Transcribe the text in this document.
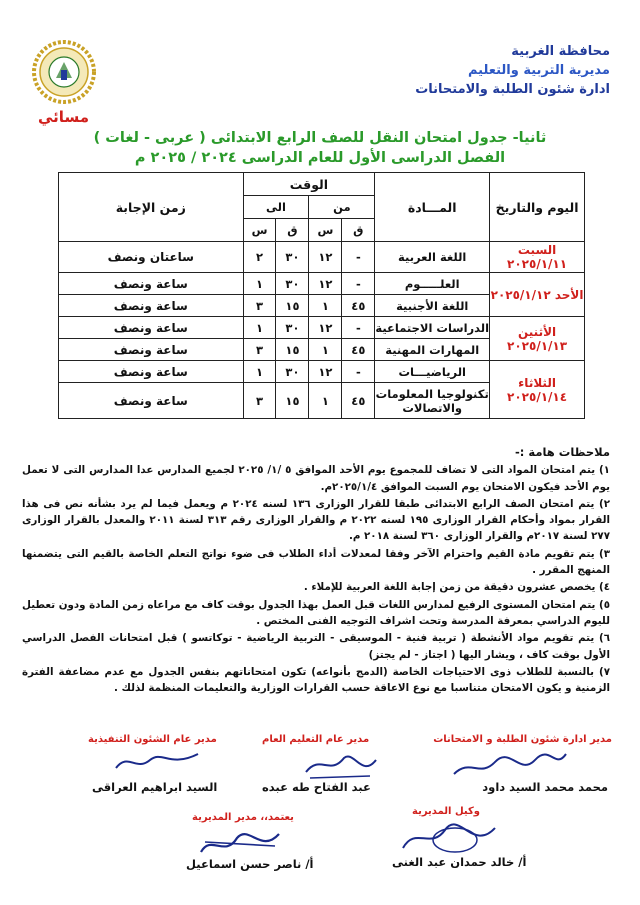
محافظة الغربية
مديرية التربية والتعليم
ادارة شئون الطلبة والامتحانات
مسائي
ثانيا- جدول امتحان النقل للصف الرابع الابتدائى ( عربى - لغات )
الفصل الدراسى الأول للعام الدراسى ٢٠٢٤ / ٢٠٢٥ م
اليوم والتاريخ	المـــادة	الوقت				زمن الإجابة
		من		الى		
		ق	س	ق	س	
السبت ٢٠٢٥/١/١١	اللغة العربية	-	١٢	٣٠	٢	ساعتان ونصف
الأحد ٢٠٢٥/١/١٢	العلـــــوم	-	١٢	٣٠	١	ساعة ونصف
	اللغة الأجنبية	٤٥	١	١٥	٣	ساعة ونصف
الأثنين ٢٠٢٥/١/١٣	الدراسات الاجتماعية	-	١٢	٣٠	١	ساعة ونصف
	المهارات المهنية	٤٥	١	١٥	٣	ساعة ونصف
الثلاثاء ٢٠٢٥/١/١٤	الرياضيـــات	-	١٢	٣٠	١	ساعة ونصف
	تكنولوجيا المعلومات والاتصالات	٤٥	١	١٥	٣	ساعة ونصف
ملاحظات هامة :-

١) يتم امتحان المواد التى لا تضاف للمجموع يوم الأحد الموافق ٥ /١/ ٢٠٢٥ لجميع المدارس عدا المدارس التى لا تعمل يوم الأحد فيكون الامتحان يوم السبت الموافق ٢٠٢٥/١/٤م.

٢) يتم امتحان الصف الرابع الابتدائى طبقا للقرار الوزارى ١٣٦ لسنه ٢٠٢٤ م ويعمل فيما لم يرد بشأنه نص فى هذا القرار بمواد وأحكام القرار الوزارى ١٩٥ لسنه ٢٠٢٢ م والقرار الوزارى رقم ٣١٣ لسنة ٢٠١١ والمعدل بالقرار الوزارى ٢٧٧ لسنة ٢٠١٧م والقرار الوزارى ٣٦٠ لسنة ٢٠١٨ م.

٣) يتم تقويم مادة القيم واحترام الآخر وفقا لمعدلات أداء الطلاب فى ضوء نواتج التعلم الخاصة بالقيم التى يتضمنها المنهج المقرر .

٤) يخصص عشرون دقيقة من زمن إجابة اللغة العربية للإملاء .

٥) يتم امتحان المستوى الرفيع لمدارس اللغات قبل العمل بهذا الجدول بوقت كاف مع مراعاه زمن المادة ودون تعطيل لليوم الدراسي بمعرفة المدرسة وتحت اشراف التوجيه الفنى المختص .

٦) يتم تقويم مواد الأنشطة ( تربية فنية - الموسيقى - التربية الرياضية - توكاتسو ) قبل امتحانات الفصل الدراسي الأول بوقت كاف ، ويشار اليها ( اجتاز - لم يجتز)

٧) بالنسبة للطلاب ذوى الاحتياجات الخاصة (الدمج بأنواعه) تكون امتحاناتهم بنفس الجدول مع عدم مضاعفة الفترة الزمنية و يكون الامتحان متناسبا مع نوع الاعاقة حسب القرارات الوزارية والتعليمات المنظمة لذلك .

مدير ادارة شئون الطلبة و الامتحانات
مدير عام التعليم العام
مدير عام الشئون التنفيذية
محمد محمد السيد داود
عبد الفتاح طه عبده
السيد ابراهيم العراقى
وكيل المديرية
يعتمد،، مدير المديرية
أ/ خالد حمدان عبد الغنى
أ/ ناصر حسن اسماعيل
